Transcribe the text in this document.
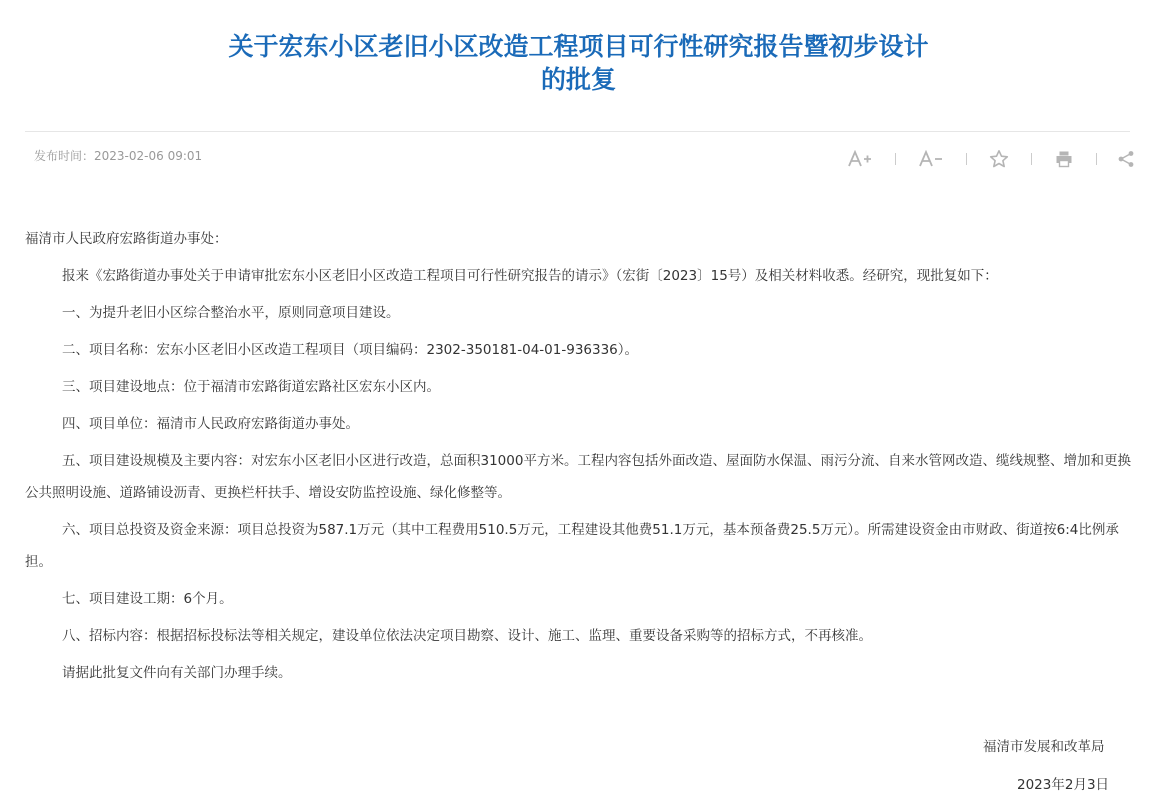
关于宏东小区老旧小区改造工程项目可行性研究报告暨初步设计
的批复
发布时间：2023-02-06 09:01

福清市人民政府宏路街道办事处：

报来《宏路街道办事处关于申请审批宏东小区老旧小区改造工程项目可行性研究报告的请示》（宏街〔2023〕15号）及相关材料收悉。经研究，现批复如下：

一、为提升老旧小区综合整治水平，原则同意项目建设。

二、项目名称：宏东小区老旧小区改造工程项目（项目编码：2302-350181-04-01-936336）。

三、项目建设地点：位于福清市宏路街道宏路社区宏东小区内。

四、项目单位：福清市人民政府宏路街道办事处。

五、项目建设规模及主要内容：对宏东小区老旧小区进行改造，总面积31000平方米。工程内容包括外面改造、屋面防水保温、雨污分流、自来水管网改造、缆线规整、增加和更换公共照明设施、道路铺设沥青、更换栏杆扶手、增设安防监控设施、绿化修整等。

六、项目总投资及资金来源：项目总投资为587.1万元（其中工程费用510.5万元，工程建设其他费51.1万元，基本预备费25.5万元）。所需建设资金由市财政、街道按6:4比例承担。

七、项目建设工期：6个月。

八、招标内容：根据招标投标法等相关规定，建设单位依法决定项目勘察、设计、施工、监理、重要设备采购等的招标方式，不再核准。

请据此批复文件向有关部门办理手续。

福清市发展和改革局
2023年2月3日
